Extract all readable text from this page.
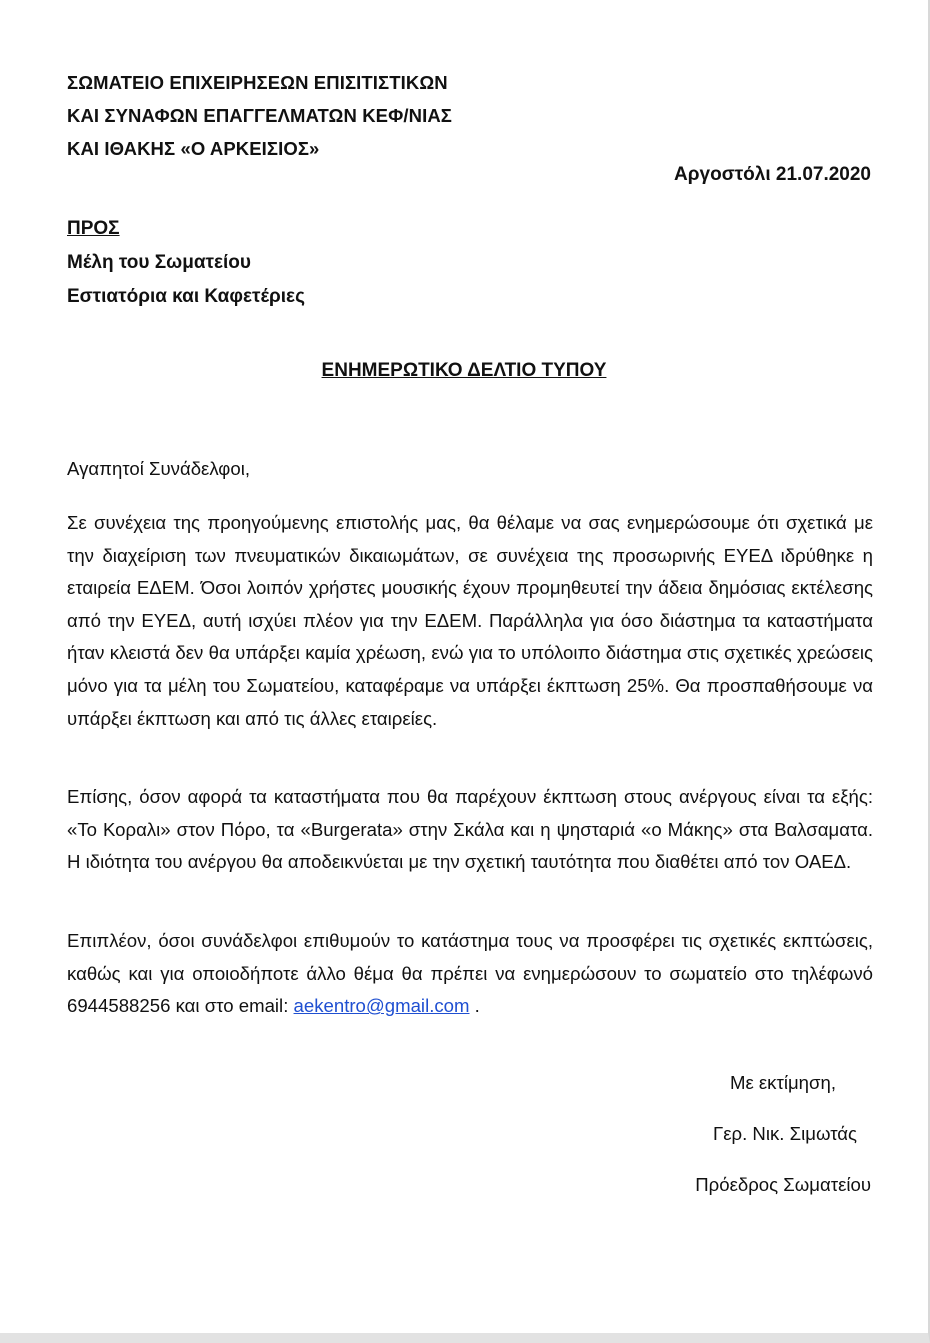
ΣΩΜΑΤΕΙΟ ΕΠΙΧΕΙΡΗΣΕΩΝ ΕΠΙΣΙΤΙΣΤΙΚΩΝ
ΚΑΙ ΣΥΝΑΦΩΝ ΕΠΑΓΓΕΛΜΑΤΩΝ ΚΕΦ/ΝΙΑΣ
ΚΑΙ ΙΘΑΚΗΣ «Ο ΑΡΚΕΙΣΙΟΣ»
Αργοστόλι 21.07.2020
ΠΡΟΣ
Μέλη του Σωματείου
Εστιατόρια και Καφετέριες
ΕΝΗΜΕΡΩΤΙΚΟ ΔΕΛΤΙΟ ΤΥΠΟΥ
Αγαπητοί Συνάδελφοι,

Σε συνέχεια της προηγούμενης επιστολής μας, θα θέλαμε να σας ενημερώσουμε ότι σχετικά με την διαχείριση των πνευματικών δικαιωμάτων, σε συνέχεια της προσωρινής ΕΥΕΔ ιδρύθηκε η εταιρεία ΕΔΕΜ. Όσοι λοιπόν χρήστες μουσικής έχουν προμηθευτεί την άδεια δημόσιας εκτέλεσης από την ΕΥΕΔ, αυτή ισχύει πλέον για την ΕΔΕΜ. Παράλληλα για όσο διάστημα τα καταστήματα ήταν κλειστά δεν θα υπάρξει καμία χρέωση, ενώ για το υπόλοιπο διάστημα στις σχετικές χρεώσεις μόνο για τα μέλη του Σωματείου, καταφέραμε να υπάρξει έκπτωση 25%. Θα προσπαθήσουμε να υπάρξει έκπτωση και από τις άλλες εταιρείες.

Επίσης, όσον αφορά τα καταστήματα που θα παρέχουν έκπτωση στους ανέργους είναι τα εξής: «Το Κοραλι» στον Πόρο, τα «Burgerata» στην Σκάλα και η ψησταριά «ο Μάκης» στα Βαλσαματα. Η ιδιότητα του ανέργου θα αποδεικνύεται με την σχετική ταυτότητα που διαθέτει από τον ΟΑΕΔ.

Επιπλέον, όσοι συνάδελφοι επιθυμούν το κατάστημα τους να προσφέρει τις σχετικές εκπτώσεις, καθώς και για οποιοδήποτε άλλο θέμα θα πρέπει να ενημερώσουν το σωματείο στο τηλέφωνό 6944588256 και στο email: aekentro@gmail.com .

Με εκτίμηση,
Γερ. Νικ. Σιμωτάς
Πρόεδρος Σωματείου
